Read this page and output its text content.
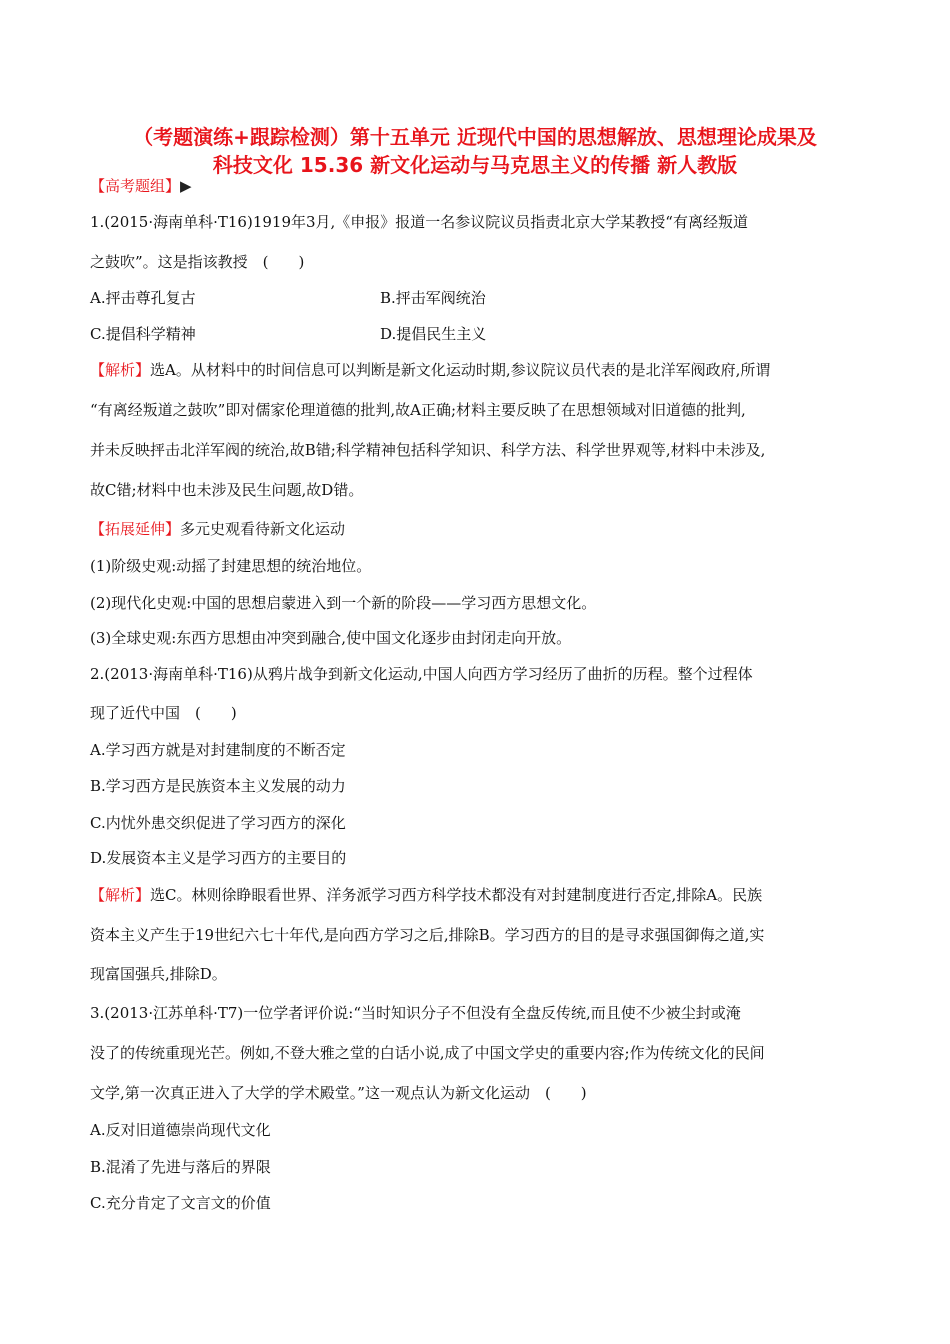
（考题演练+跟踪检测）第十五单元 近现代中国的思想解放、思想理论成果及
科技文化 15.36 新文化运动与马克思主义的传播 新人教版
【高考题组】▶
1.(2015·海南单科·T16)1919年3月,《申报》报道一名参议院议员指责北京大学某教授“有离经叛道
之鼓吹”。这是指该教授　(　　)
A.抨击尊孔复古	B.抨击军阀统治
C.提倡科学精神	D.提倡民生主义
【解析】选A。从材料中的时间信息可以判断是新文化运动时期,参议院议员代表的是北洋军阀政府,所谓
“有离经叛道之鼓吹”即对儒家伦理道德的批判,故A正确;材料主要反映了在思想领域对旧道德的批判,
并未反映抨击北洋军阀的统治,故B错;科学精神包括科学知识、科学方法、科学世界观等,材料中未涉及,
故C错;材料中也未涉及民生问题,故D错。
【拓展延伸】多元史观看待新文化运动
(1)阶级史观:动摇了封建思想的统治地位。
(2)现代化史观:中国的思想启蒙进入到一个新的阶段——学习西方思想文化。
(3)全球史观:东西方思想由冲突到融合,使中国文化逐步由封闭走向开放。
2.(2013·海南单科·T16)从鸦片战争到新文化运动,中国人向西方学习经历了曲折的历程。整个过程体
现了近代中国　(　　)
A.学习西方就是对封建制度的不断否定
B.学习西方是民族资本主义发展的动力
C.内忧外患交织促进了学习西方的深化
D.发展资本主义是学习西方的主要目的
【解析】选C。林则徐睁眼看世界、洋务派学习西方科学技术都没有对封建制度进行否定,排除A。民族
资本主义产生于19世纪六七十年代,是向西方学习之后,排除B。学习西方的目的是寻求强国御侮之道,实
现富国强兵,排除D。
3.(2013·江苏单科·T7)一位学者评价说:“当时知识分子不但没有全盘反传统,而且使不少被尘封或淹
没了的传统重现光芒。例如,不登大雅之堂的白话小说,成了中国文学史的重要内容;作为传统文化的民间
文学,第一次真正进入了大学的学术殿堂。”这一观点认为新文化运动　(　　)
A.反对旧道德崇尚现代文化
B.混淆了先进与落后的界限
C.充分肯定了文言文的价值
